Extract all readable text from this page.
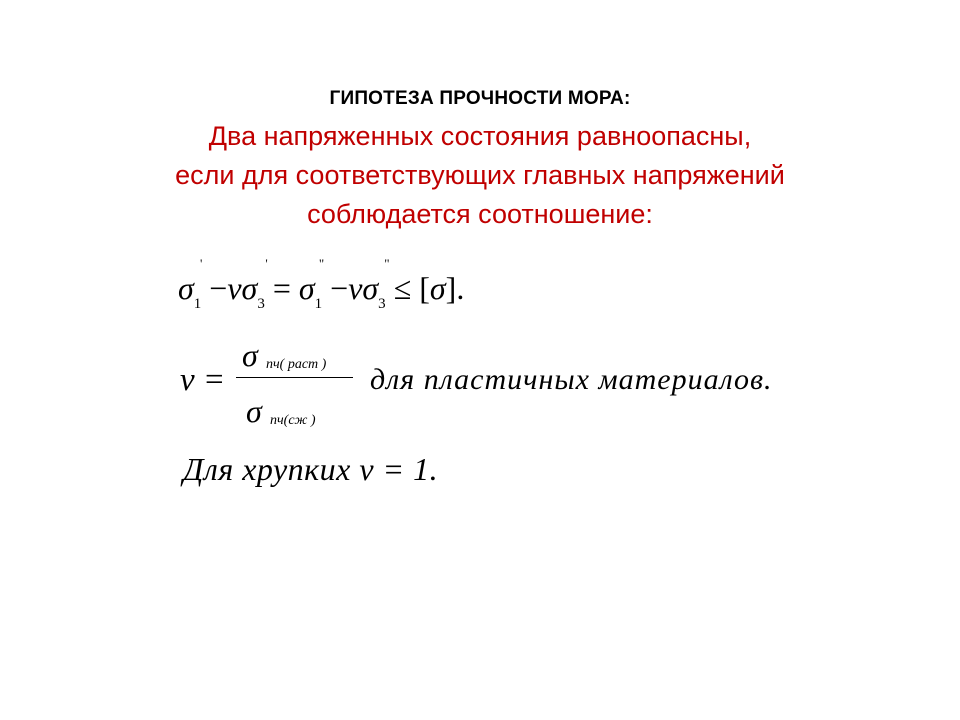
ГИПОТЕЗА ПРОЧНОСТИ МОРА:
Два напряженных состояния равноопасны,
если для соответствующих главных напряжений
соблюдается соотношение:
σ
'
$_1$ −νσ
'
$_3$ = σ
"
$_1$ −νσ
"
$_3$ ≤ [σ].
ν =
σ пч( раст )
σ пч(сж )
для пластичных материалов.
Для хрупких ν = 1.
